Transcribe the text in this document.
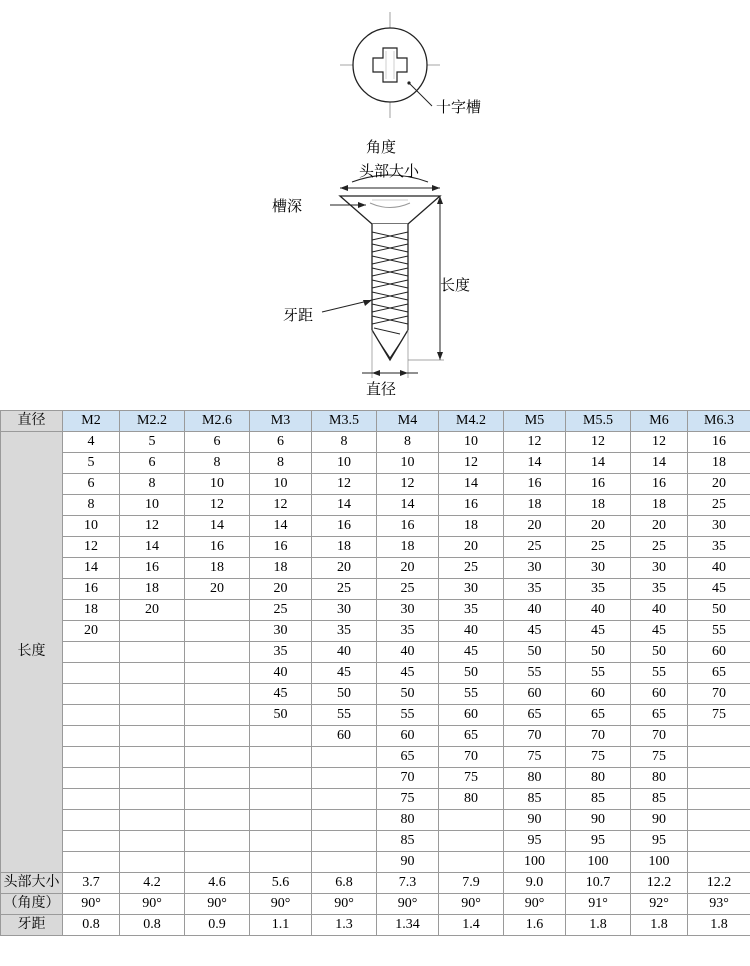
十字槽
角度
头部大小
槽深
长度
牙距
直径
直径	M2	M2.2	M2.6	M3	M3.5	M4	M4.2	M5	M5.5	M6	M6.3
长度	4	5	6	6	8	8	10	12	12	12	16
	5	6	8	8	10	10	12	14	14	14	18
	6	8	10	10	12	12	14	16	16	16	20
	8	10	12	12	14	14	16	18	18	18	25
	10	12	14	14	16	16	18	20	20	20	30
	12	14	16	16	18	18	20	25	25	25	35
	14	16	18	18	20	20	25	30	30	30	40
	16	18	20	20	25	25	30	35	35	35	45
	18	20		25	30	30	35	40	40	40	50
	20			30	35	35	40	45	45	45	55
				35	40	40	45	50	50	50	60
				40	45	45	50	55	55	55	65
				45	50	50	55	60	60	60	70
				50	55	55	60	65	65	65	75
					60	60	65	70	70	70	
						65	70	75	75	75	
						70	75	80	80	80	
						75	80	85	85	85	
						80		90	90	90	
						85		95	95	95	
						90		100	100	100	
头部大小	3.7	4.2	4.6	5.6	6.8	7.3	7.9	9.0	10.7	12.2	12.2
（角度）	90°	90°	90°	90°	90°	90°	90°	90°	91°	92°	93°
牙距	0.8	0.8	0.9	1.1	1.3	1.34	1.4	1.6	1.8	1.8	1.8
